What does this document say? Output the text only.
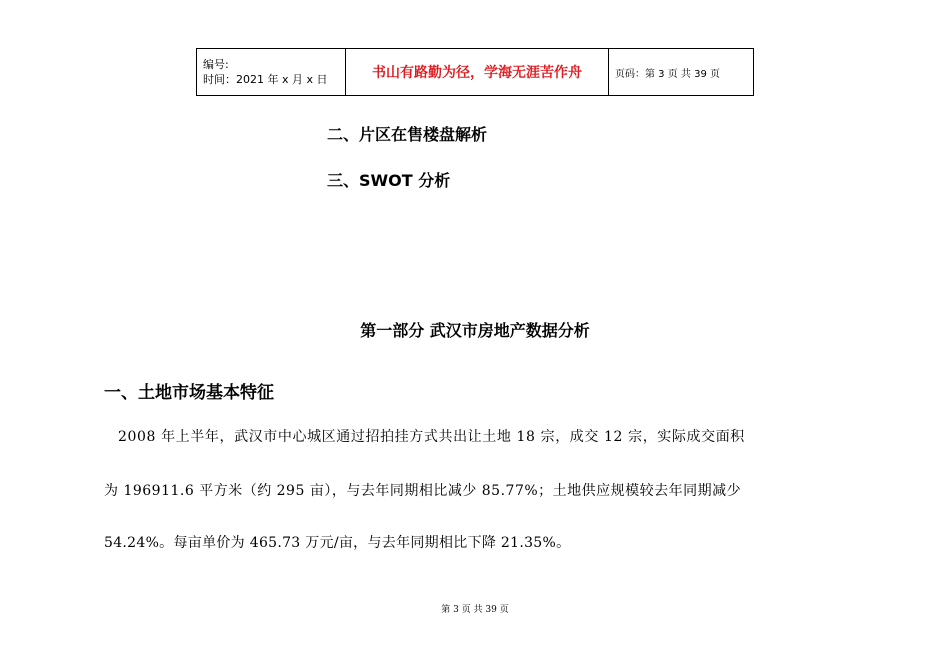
编号:
时间：2021 年 x 月 x 日	书山有路勤为径，学海无涯苦作舟	页码：第 3 页 共 39 页
二、片区在售楼盘解析
三、SWOT 分析
第一部分 武汉市房地产数据分析
一、土地市场基本特征
2008 年上半年，武汉市中心城区通过招拍挂方式共出让土地 18 宗，成交 12 宗，实际成交面积
为 196911.6 平方米（约 295 亩），与去年同期相比减少 85.77%；土地供应规模较去年同期减少
54.24%。每亩单价为 465.73 万元/亩，与去年同期相比下降 21.35%。
第 3 页 共 39 页
